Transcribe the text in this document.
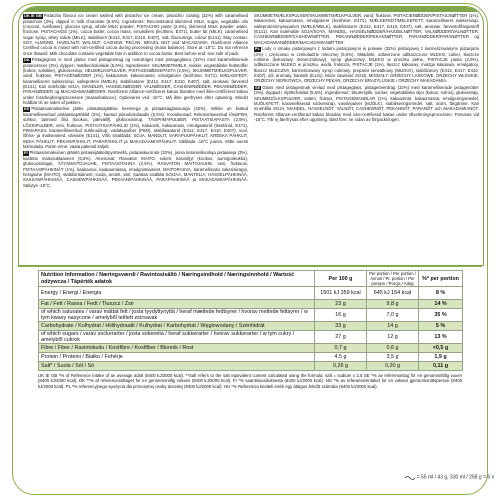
UK IE GB Pistachio flavour ice cream swirled with pistachio ice cream, pistachio coating (32%) with caramelised pistachios (3%), dipped in milk chocolate (5.5%). Ingredients: Reconstituted skimmed MILK, sugar, vegetable oils (coconut, sunflower), glucose syrup, whole MILK powder, PISTACHIO paste (2.5%), skimmed MILK powder, water, fructose, PISTACHIOS (1%), cocoa butter, cocoa mass, emulsifiers (lecithins, E471), butter fat (MILK), caramelised sugar syrup, whey solids (MILK), stabilisers (E412, E417, E410, E407), salt, flavourings, colour (E141). May contain: SOY, ALMOND, HAZELNUT, WALNUT, CASHEW, PECAN, BRAZIL NUT and MACADAMIA. Rainforest Alliance Certified cocoa is mixed with non-certified cocoa during processing (mass balance). Store at -18°C. Do not refreeze once thawed. Milk chocolate contains vegetable fats in addition to cocoa butter. Best before end: see side of pack.

DK Pistagegloss is med glasur med pistagesmag og overdraget med pistageglasur (32%) med karamelliserede pistaceknoer (3%), dyppet i mælkechokolade (5,5%). Ingredienser: SKUMMETMÆLK, sukker, vegetabilske fedtstoffer (kokos, solsikke), glukosesirup, HELMÆLKSPULVER, PISTAGENØDDEPASTA (2,5%), SKUMMETMÆLKSPULVER, vand, fruktose, PISTAGENØDDER (1%), kakaosmør, kakaomasse, emulgatorer (lecithiner, E471), MÆLKEFEDT, karamelliseret sukkersirup, valleprotein (MÆLK), stabilisatorer (E412, E417, E410, E407), salt, aromaer, farvestof (E141). Kan indeholde SOJA, MANDLER, HASSELNØDDER, VALNØDDER, CASHEWNØDDER, PEKANNØDDER, PARANØDDER og MACADAMIANØDDER. Rainforest Alliance-certificeret kakao blandes med ikke-certificeret kakao under forarbejdningsprocessen (massebalance). Opbevares ved -18°C. Må ikke genfryses efter optøning. Mindst holdbar til: se siden af pakken.

EE Pistaatsiamaitseline jäätis pistaatsiajäätise keerisega ja pistaatsiaglasuuriga (32%), millele on lisatud karamelliseeritud pistaatsiapähklid (3%), kaetud piimašokolaadis (5,5%). Koostisosad: Rekonstitueeritud lõssiPIIM, suhkur, taimsed õlid (kookos, päevalill), glükoosisiirup, TÄISPIIMAPULBER, PISTAATSIAPASTA (2,5%), LÕSSIPULBER, vesi, fruktoos, PISTAATSIAPÄHKLID (1%), kakaovõi, kakaomass, emulgaatorid (letsitiinid, E471), PIIMARASV, karamelliseeritud suhkrusiirup, vadakupulber (PIIM), stabilisaatorid (E412, E417, E410, E407), sool, lõhna- ja maitseained, värvaine (E141). Võib sisaldada: SOJA, MANDLIT, SARAPUUPÄHKLIT, KREEKA PÄHKLIT, INDIA PÄHKLIT, PEKANIPÄHKLIT, PARAPÄHKLIT ja MAKADAAMIAPÄHKLIT. Säilitada -18°C juures. Mitte uuesti külmutada. Parim enne: vaata pakendi küljelt.

FI Pistaasinmakuinen jäätelö pistaasijäätelöpyörteellä, pistaasikuorrute (32%), jossa karamellisoituja pistaaseja (3%), kastettu maitosuklaaseen (5,5%). Ainesosat: Rasvaton MAITO, sokeri, kasviöljyt (kookos, auringonkukka), glukoosisiirappi, TÄYSMAITOJAUHE, PISTAASITAHNA (2,5%), RASVATON MAITOJAUHE, vesi, fruktoosi, PISTAASIPÄHKINÄT (1%), kaakaovoi, kaakaomassa, emulgointiaineet, MAITORASVA, karamellisoitu sokerisiirappi, herajauhe (MAITO), stabilointiaineet, suola, aromit, väri. Saattaa sisältää SOIJAA, MANTELIA, HASSELPÄHKINÄÄ, SAKSANPÄHKINÄÄ, CASHEWPÄHKINÄÄ, PEKAANIPÄHKINÄÄ, PARAPÄHKINÄÄ ja MAKADAMIAPÄHKINÄÄ. Säilytys -18°C.

SKUMMETMÆLKSPULVER/SKUMMETMÆLKPULVER, vand, fruktose, PISTACIENØDDER/PISTASJNØTTER (1%), kakaosmør, kakaomasse, emulgatorer (lecithiner, E471), MÆLKEFEDT/MELKEFETT, karamelliseret sukkersirup, valleprotein/mysepulver (MÆLK/MELK), stabilisatorer (E412, E417, E410, E407), salt, aromaer, farvestof/fargestoff (E141). Kan indeholde SOJA/SOYA, MANDEL, HASSELNØDDER/HASSELNØTTER, VALNØDDER/VALNØTTER, CASHEWNØDDER/CASHEWNØTTER, PEKANNØDDER/PEKANNØTTER, PARANØDDER/PARANØTTER og MACADAMIANØDDER/MACADAMIANØTTER.

PL Lody o smaku pistacjowym z lodami pistacjowymi w polewie (32%) pistacjowej z karmelizowanymi pistacjami (3%) i częściowo w czekoladzie mlecznej (5,5%). Składniki: odtworzone odtłuszczone MLEKO, cukier, tłuszcze roślinne (kokosowy, słonecznikowy), syrop glukozowy, MLEKO w proszku pełne, PISTACJE pasta (2,5%), odtłuszczone MLEKO w proszku, woda, fruktoza, PISTACJE (1%), tłuszcz kakaowy, miazga kakaowa, emulgatory, tłuszcz MLECZNY, karmelizowany syrop cukrowy, preparat serwatkowy (MLEKO), stabilizatory (E412, E417, E410, E407), sól, aromaty, barwnik (E141). Może zawierać SOJĘ, MIGDAŁY, ORZECHY LASKOWE, ORZECHY WŁOSKIE, ORZECHY NERKOWCA, ORZECHY PEKAN, ORZECHY BRAZYLIJSKIE i ORZECHY MAKADAMIA.

SE Glass med pistagesmak virvlad med pistageglass, pistageöverdrag (32%) med karamelliserade pistagenötter (3%), doppad i mjölkchoklad (5,5%). Ingredienser: Skummjölk, socker, vegetabiliska oljor (kokos, solros), glukossirap, SKUMMJÖLKSPULVER, vatten, fruktos, PISTAGEMANDLAR (1%), kakaosmör, kakaomassa, emulgeringsmedel, MJÖLKFETT, karamelliserad sockersirap, vasslepulver (MJÖLK), stabiliseringsmedel, salt, arom, färgämne. Kan innehålla SOJA, MANDEL, HASSELNÖT, VALNÖT, CASHEWNÖT, PEKANNÖT, PARANÖT och MAKADAMIANÖT. Rainforest Alliance-certifierad kakao blandas med icke-certifierad kakao under tillverkningsprocessen. Förvaras vid -18°C. Får ej återfrysas efter upptining. Bäst före: se sidan av förpackningen.

Nutrition Information / Næringsværdi / Ravintosisältö / Næringsindhold / Næringsinnhold / Wartość odżywcza / Täpérték adatok	Per 100 g	Per portion / Per portion / Annos / Pr. portion / Per porsjon / Porcja / Adag	%* per portion
Energy / Energi / Energia	1501 kJ 359 kcal	645 kJ 154 kcal	8 %
Fat / Fett / Rasva / Fedt / Tłuszcz / Zsír	23 g	9,8 g	14 %
of which saturates / varav mättat fett / josta tyydyttynyttä / heraf mættede fedtsyrer / hvorav mettede fettsyrer / w tym kwasy nasycone / amelyből telített zsírsavak	16 g	7,0 g	35 %
Carbohydrate / Kolhydrat / Hiilihydraatit / Kulhydrat / Karbohydrat / Węglowodany / Szénhidrát	33 g	14 g	5 %
of which sugars / varav sockerarter / josta sokereita / heraf sukkerarter / hvorav sukkerarter / w tym cukry / amelyből cukrok	27 g	12 g	13 %
Fibre / Fiber / Ravintokuitu / Kostfibre / Kostfiber / Błonnik / Rost	0,7 g	0,6 g	<0,5 g
Protein / Proteini / Białko / Fehérje	4,5 g	3,5 g	1,9 g
Salt* / Suola / Sól / Só	0,26 g	0,20 g	0,11 g

UK IE GB *% of Reference Intake of an average adult (8400 kJ/2000 kcal). **Salt refers to the salt equivalent content calculated using the formula: salt = sodium x 2,5 SE *% av referensintag för en genomsnittlig vuxen (8400 kJ/2000 kcal). DK **% af referenceindtaget for en gennemsnitlig voksen (8400 kJ/2000 kcal). FI *% saantisuosituksesta (8400 kJ/2000 kcal). NO *% av referanseinntaket for en voksen gjennomsnittsperson (8400 kJ/2000 kcal). PL *% referencyjnego spożycia dla przeciętnej osoby dorosłej (8400 kJ/2000 kcal). HU *% Referencia beviteli érték egy átlagos felnőtt számára (8400 kJ/2000 kcal).

= 55 ml / 43 g, 330 ml / 258 g = 6 x
